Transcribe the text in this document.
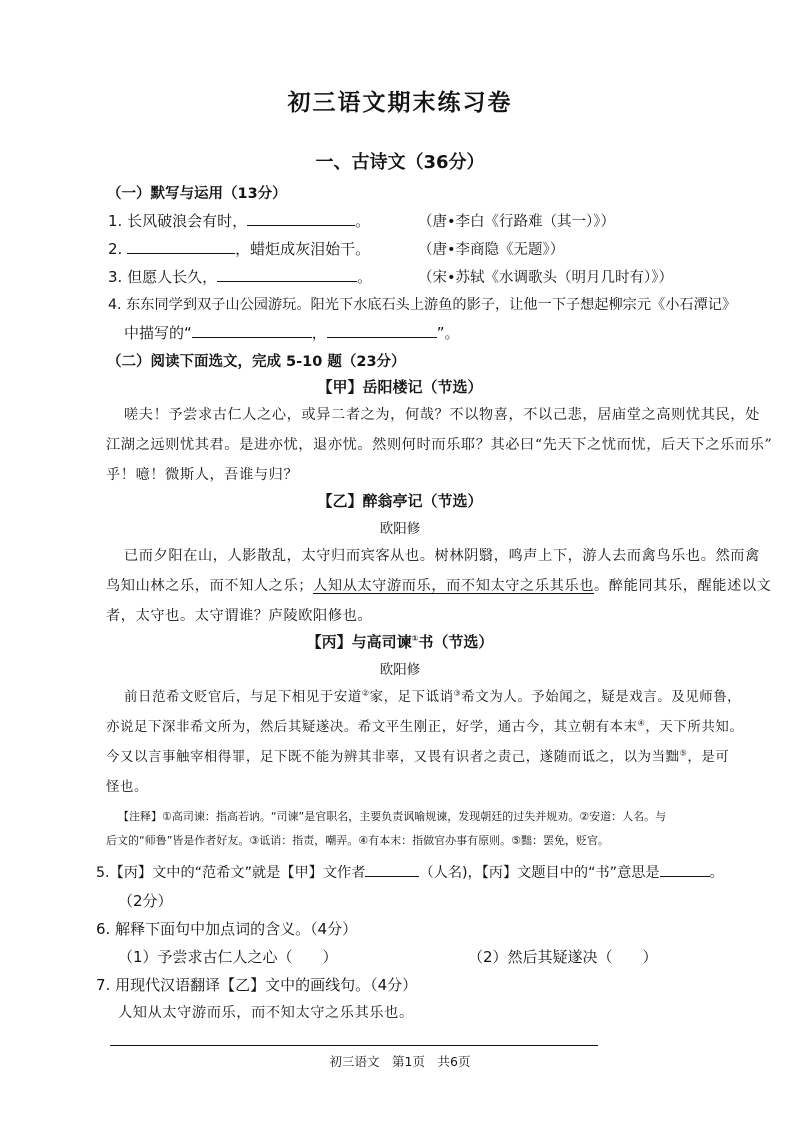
初三语文期末练习卷
一、古诗文（36分）
（一）默写与运用（13分）
1. 长风破浪会有时，	。	（唐•李白《行路难（其一）》）
2.	，蜡炬成灰泪始干。	（唐•李商隐《无题》）
3. 但愿人长久，	。	（宋•苏轼《水调歌头（明月几时有）》）
4. 东东同学到双子山公园游玩。阳光下水底石头上游鱼的影子，让他一下子想起柳宗元《小石潭记》
中描写的“	，	”。
（二）阅读下面选文，完成 5-10 题（23分）
【甲】岳阳楼记（节选）
嗟夫！予尝求古仁人之心，或异二者之为，何哉？不以物喜，不以己悲，居庙堂之高则忧其民，处
江湖之远则忧其君。是进亦忧，退亦忧。然则何时而乐耶？其必曰“先天下之忧而忧，后天下之乐而乐”
乎！噫！微斯人，吾谁与归？
【乙】醉翁亭记（节选）
欧阳修
已而夕阳在山，人影散乱，太守归而宾客从也。树林阴翳，鸣声上下，游人去而禽鸟乐也。然而禽
鸟知山林之乐，而不知人之乐；人知从太守游而乐，而不知太守之乐其乐也。醉能同其乐，醒能述以文
者，太守也。太守谓谁？庐陵欧阳修也。
【丙】与高司谏①书（节选）
欧阳修
前日范希文贬官后，与足下相见于安道②家，足下诋诮③希文为人。予始闻之，疑是戏言。及见师鲁，
亦说足下深非希文所为，然后其疑遂决。希文平生刚正，好学，通古今，其立朝有本末④，天下所共知。
今又以言事触宰相得罪，足下既不能为辨其非辜，又畏有识者之责己，遂随而诋之，以为当黜⑤，是可
怪也。
【注释】①高司谏：指高若讷。“司谏”是官职名，主要负责讽喻规谏，发现朝廷的过失并规劝。②安道：人名。与
后文的“师鲁”皆是作者好友。③诋诮：指责，嘲弄。④有本末：指做官办事有原则。⑤黜：罢免，贬官。
5.【丙】文中的“范希文”就是【甲】文作者	（人名)，【丙】文题目中的“书”意思是	。
（2分）
6. 解释下面句中加点词的含义。（4分）
（1）予尝求古仁人之心（　　）	（2）然后其疑遂决（　　）
7. 用现代汉语翻译【乙】文中的画线句。（4分）
人知从太守游而乐，而不知太守之乐其乐也。
初三语文　第1页　共6页
